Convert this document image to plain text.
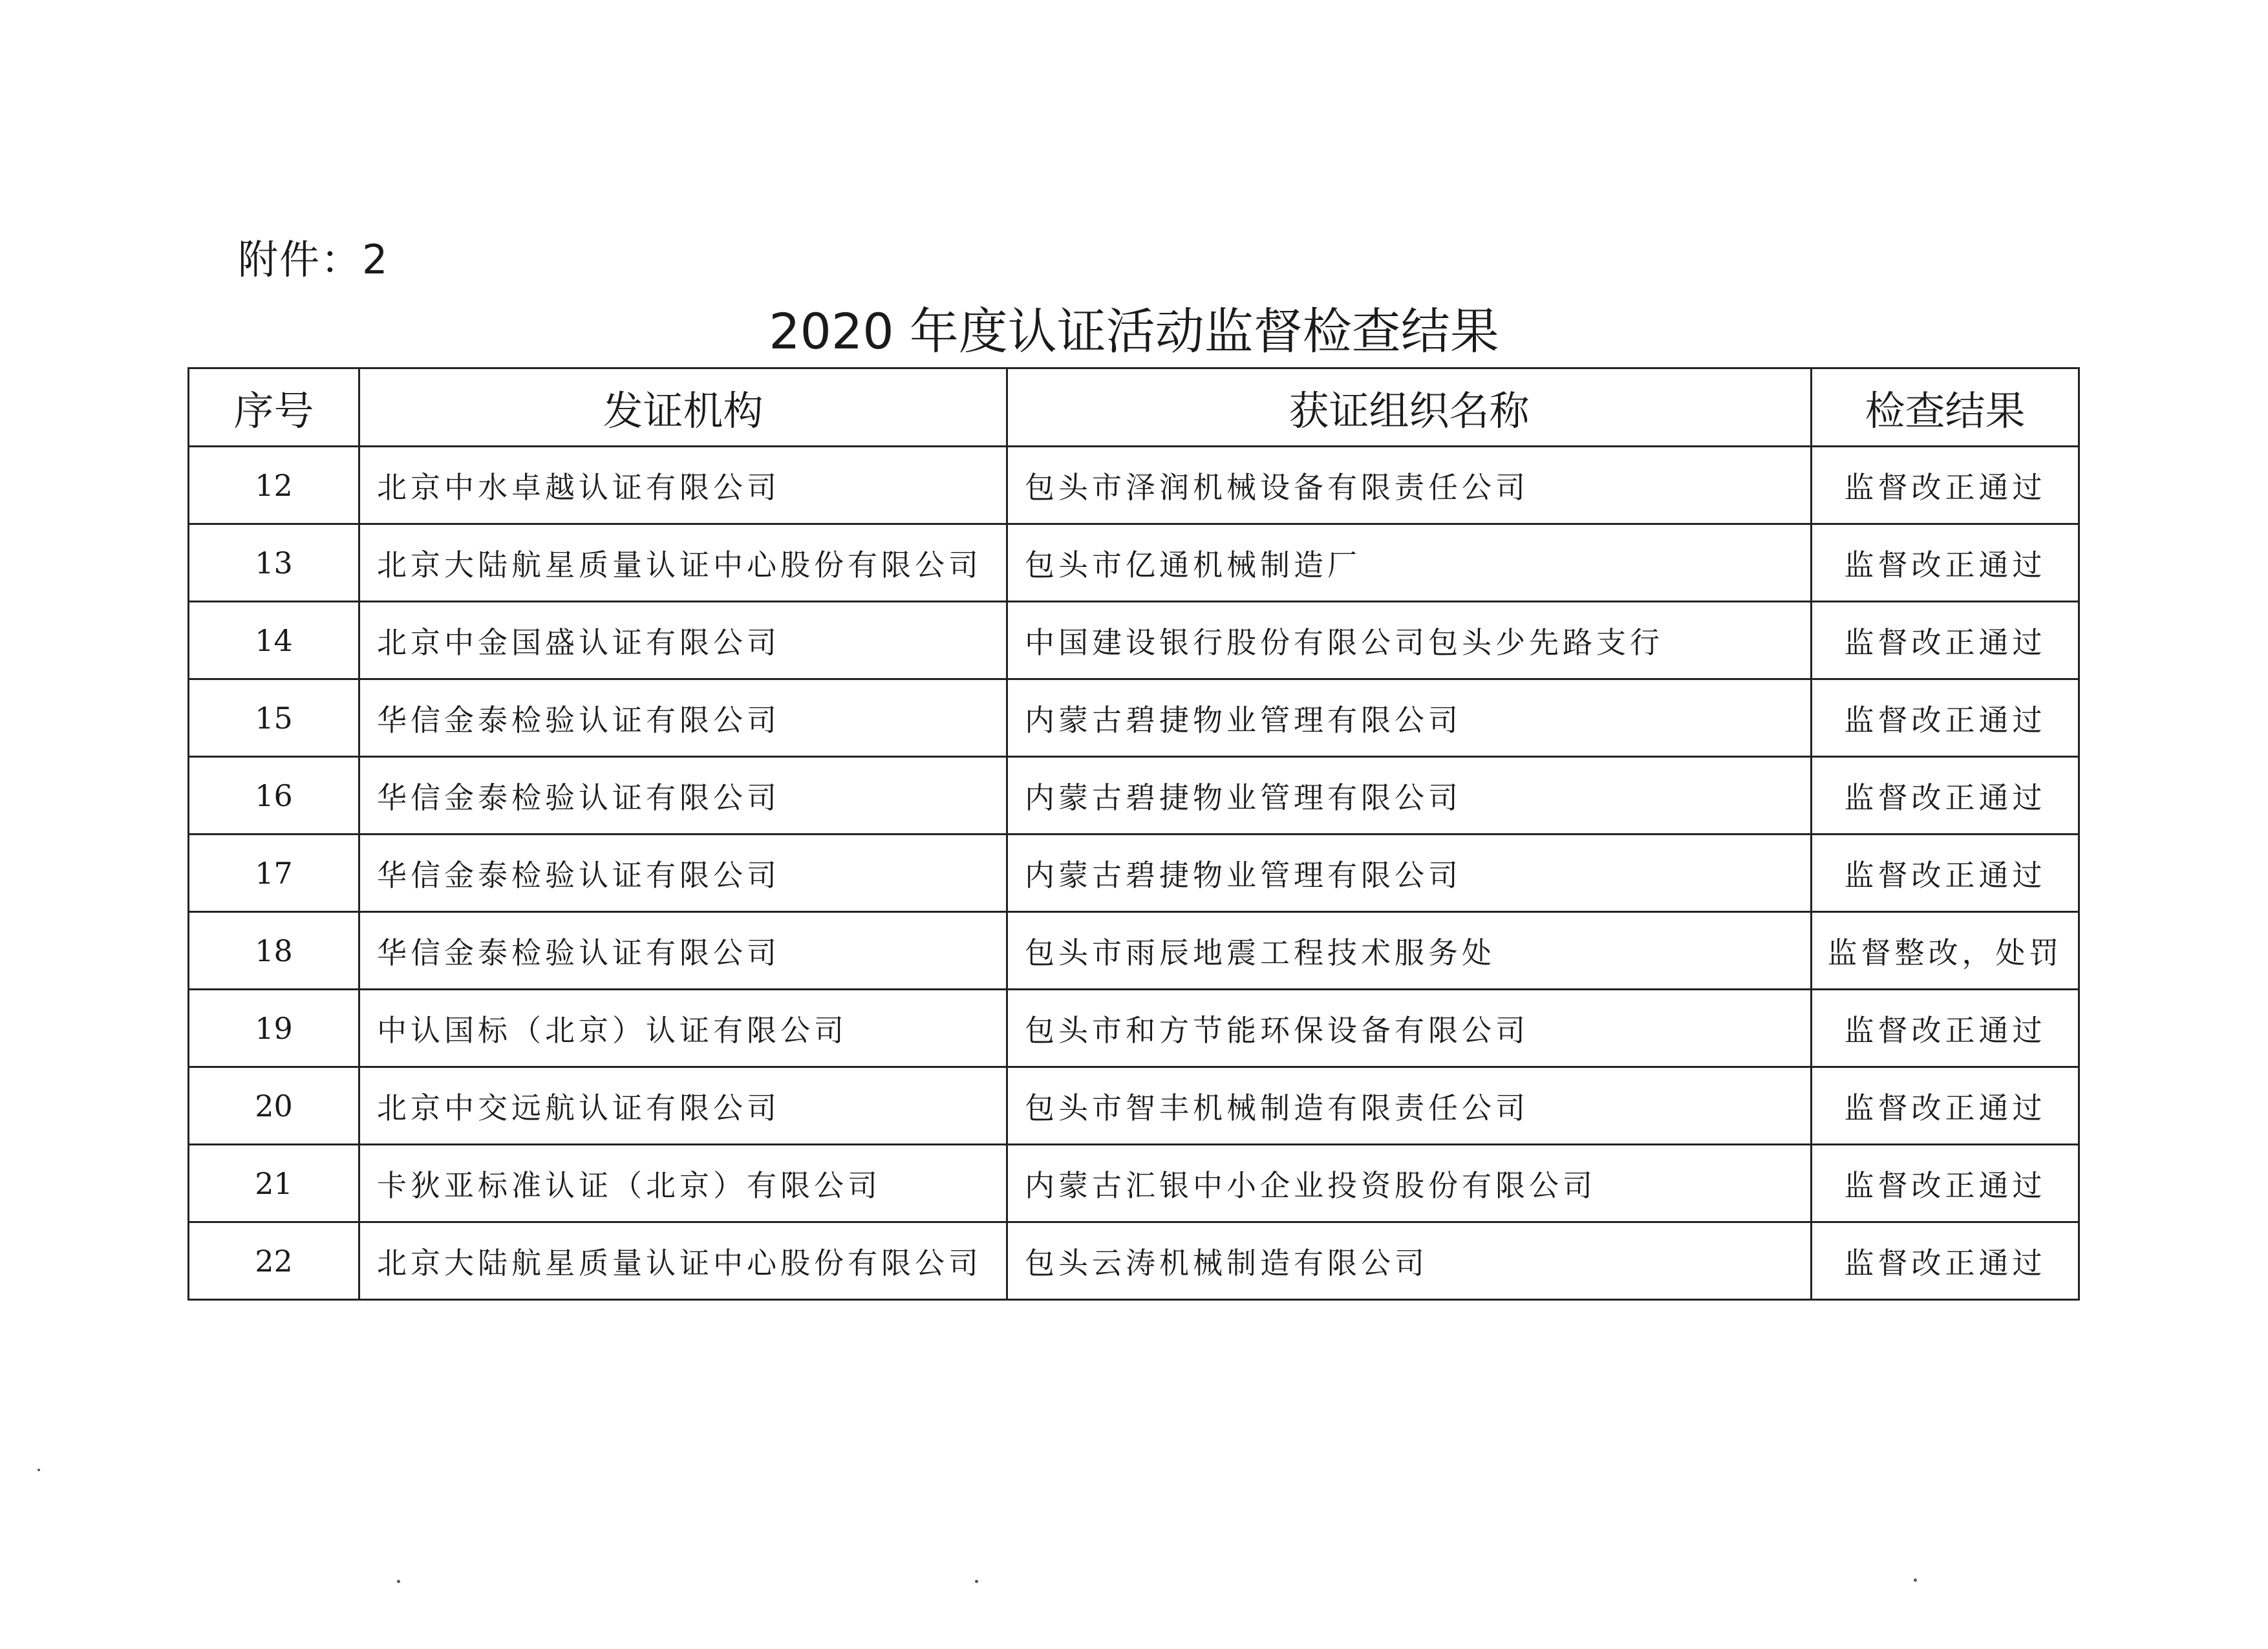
附件：2
2020 年度认证活动监督检查结果
序号	发证机构	获证组织名称	检查结果
12	北京中水卓越认证有限公司	包头市泽润机械设备有限责任公司	监督改正通过
13	北京大陆航星质量认证中心股份有限公司	包头市亿通机械制造厂	监督改正通过
14	北京中金国盛认证有限公司	中国建设银行股份有限公司包头少先路支行	监督改正通过
15	华信金泰检验认证有限公司	内蒙古碧捷物业管理有限公司	监督改正通过
16	华信金泰检验认证有限公司	内蒙古碧捷物业管理有限公司	监督改正通过
17	华信金泰检验认证有限公司	内蒙古碧捷物业管理有限公司	监督改正通过
18	华信金泰检验认证有限公司	包头市雨辰地震工程技术服务处	监督整改，处罚
19	中认国标（北京）认证有限公司	包头市和方节能环保设备有限公司	监督改正通过
20	北京中交远航认证有限公司	包头市智丰机械制造有限责任公司	监督改正通过
21	卡狄亚标准认证（北京）有限公司	内蒙古汇银中小企业投资股份有限公司	监督改正通过
22	北京大陆航星质量认证中心股份有限公司	包头云涛机械制造有限公司	监督改正通过
